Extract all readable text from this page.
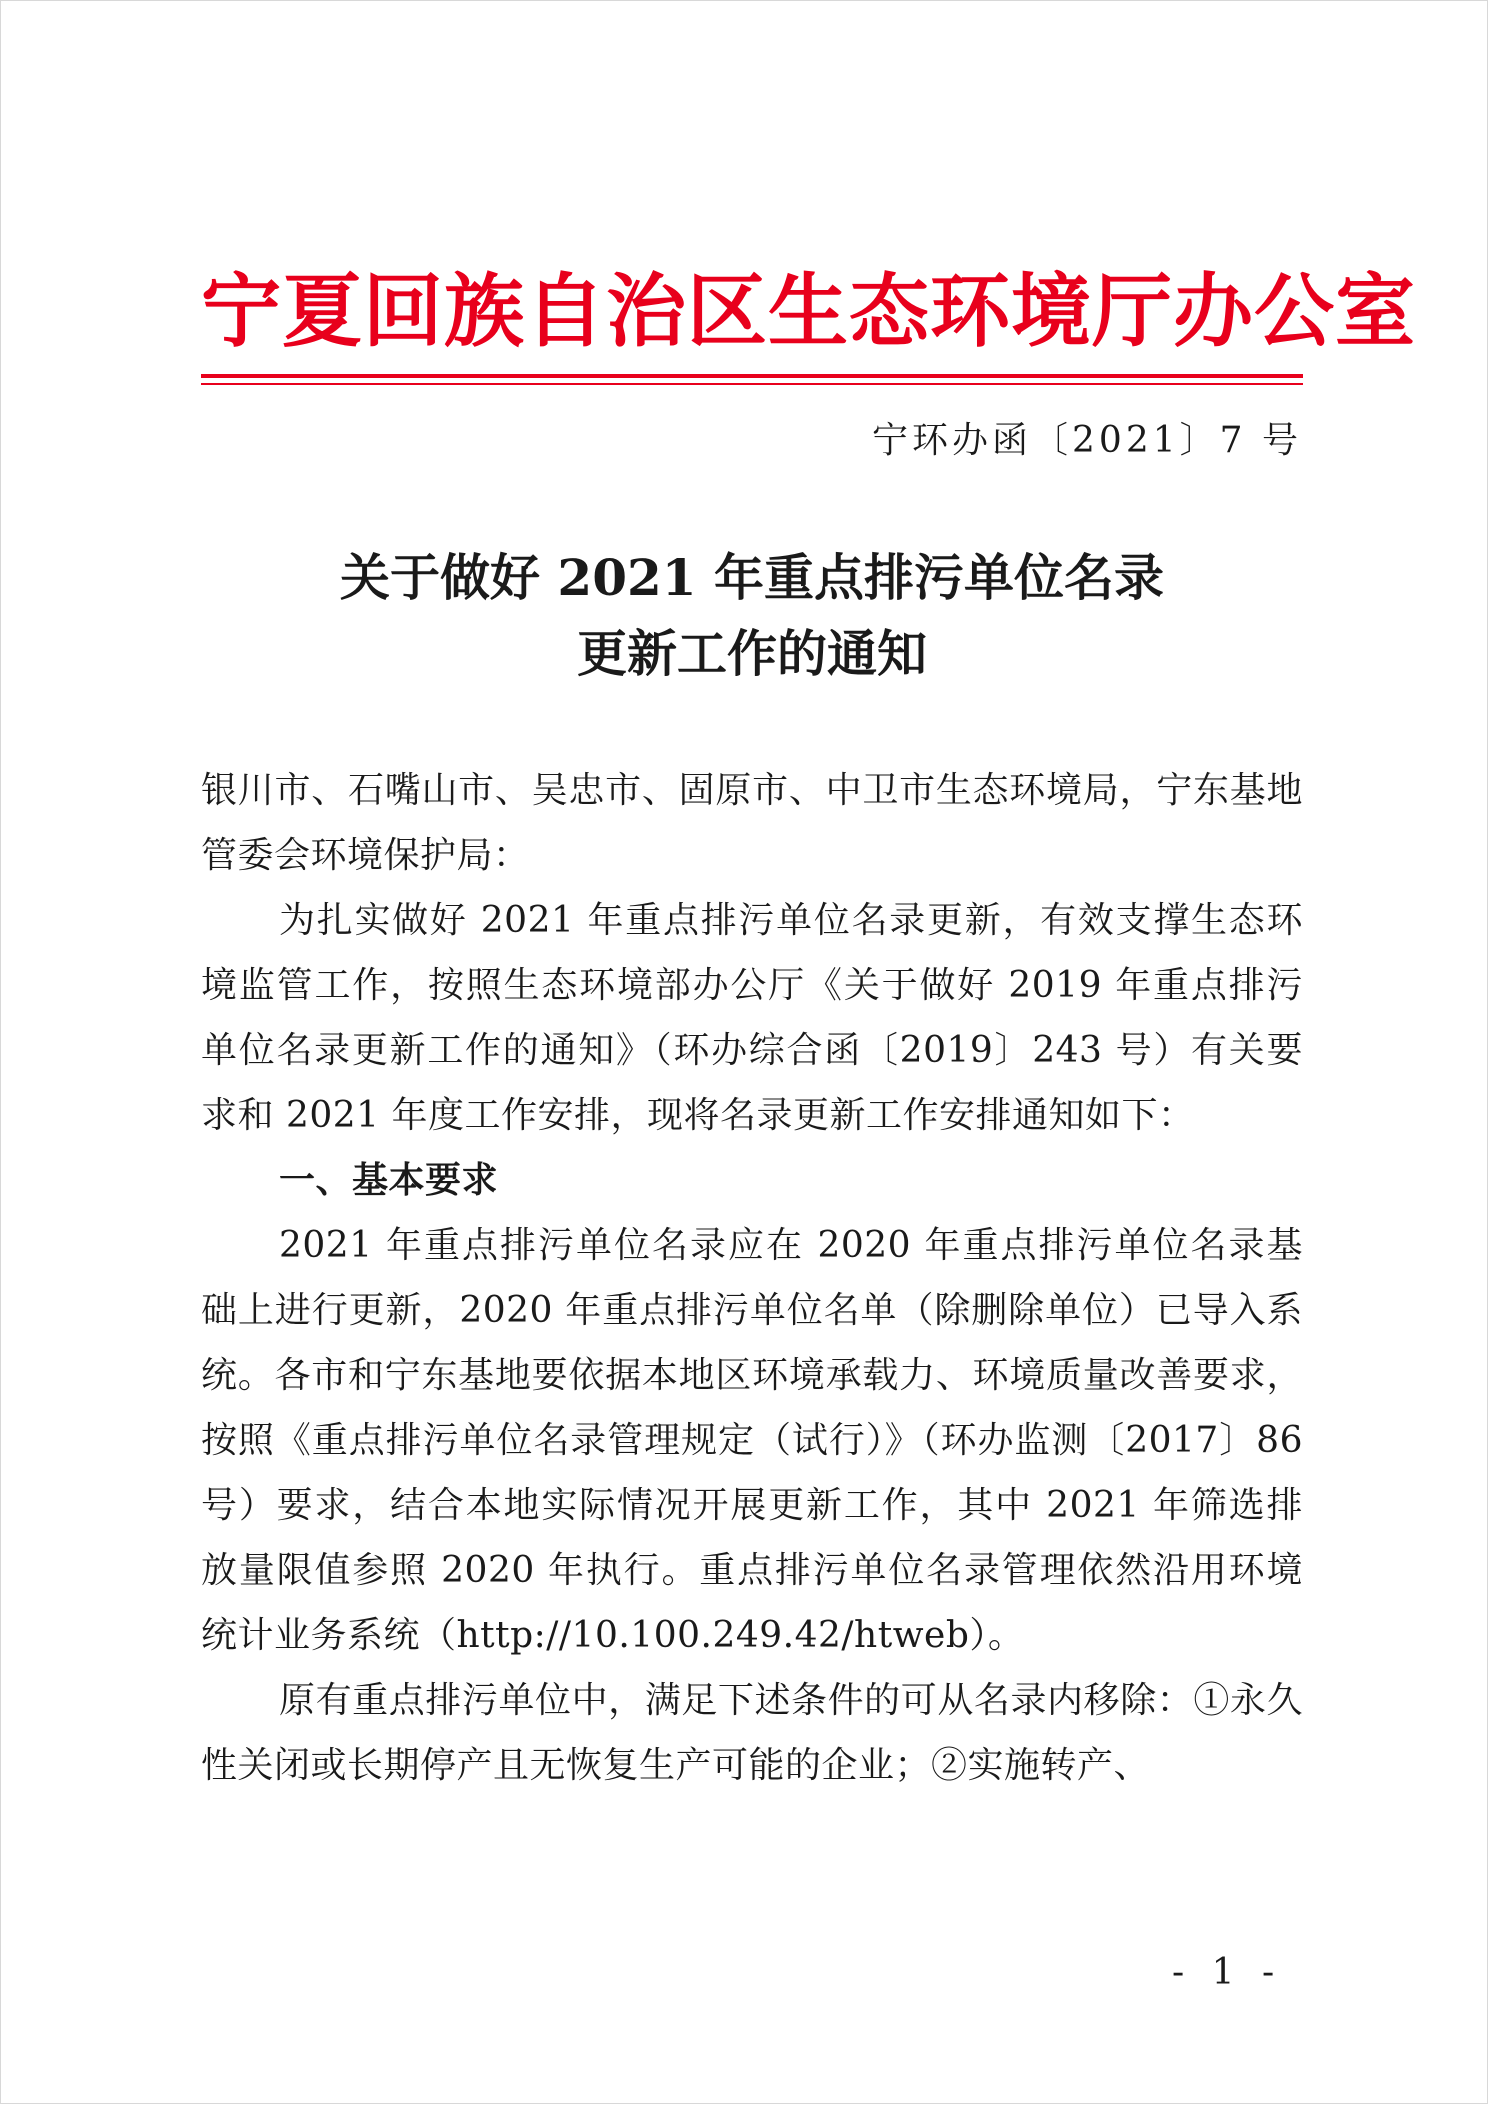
宁夏回族自治区生态环境厅办公室
宁环办函〔2021〕7 号
关于做好 2021 年重点排污单位名录
更新工作的通知

银川市、石嘴山市、吴忠市、固原市、中卫市生态环境局，宁东基地管委会环境保护局：

为扎实做好 2021 年重点排污单位名录更新，有效支撑生态环境监管工作，按照生态环境部办公厅《关于做好 2019 年重点排污单位名录更新工作的通知》（环办综合函〔2019〕243 号）有关要求和 2021 年度工作安排，现将名录更新工作安排通知如下：

一、基本要求

2021 年重点排污单位名录应在 2020 年重点排污单位名录基础上进行更新，2020 年重点排污单位名单（除删除单位）已导入系统。各市和宁东基地要依据本地区环境承载力、环境质量改善要求，按照《重点排污单位名录管理规定（试行）》（环办监测〔2017〕86 号）要求，结合本地实际情况开展更新工作，其中 2021 年筛选排放量限值参照 2020 年执行。重点排污单位名录管理依然沿用环境统计业务系统（http://10.100.249.42/htweb）。

原有重点排污单位中，满足下述条件的可从名录内移除：①永久性关闭或长期停产且无恢复生产可能的企业；②实施转产、

- 1 -
